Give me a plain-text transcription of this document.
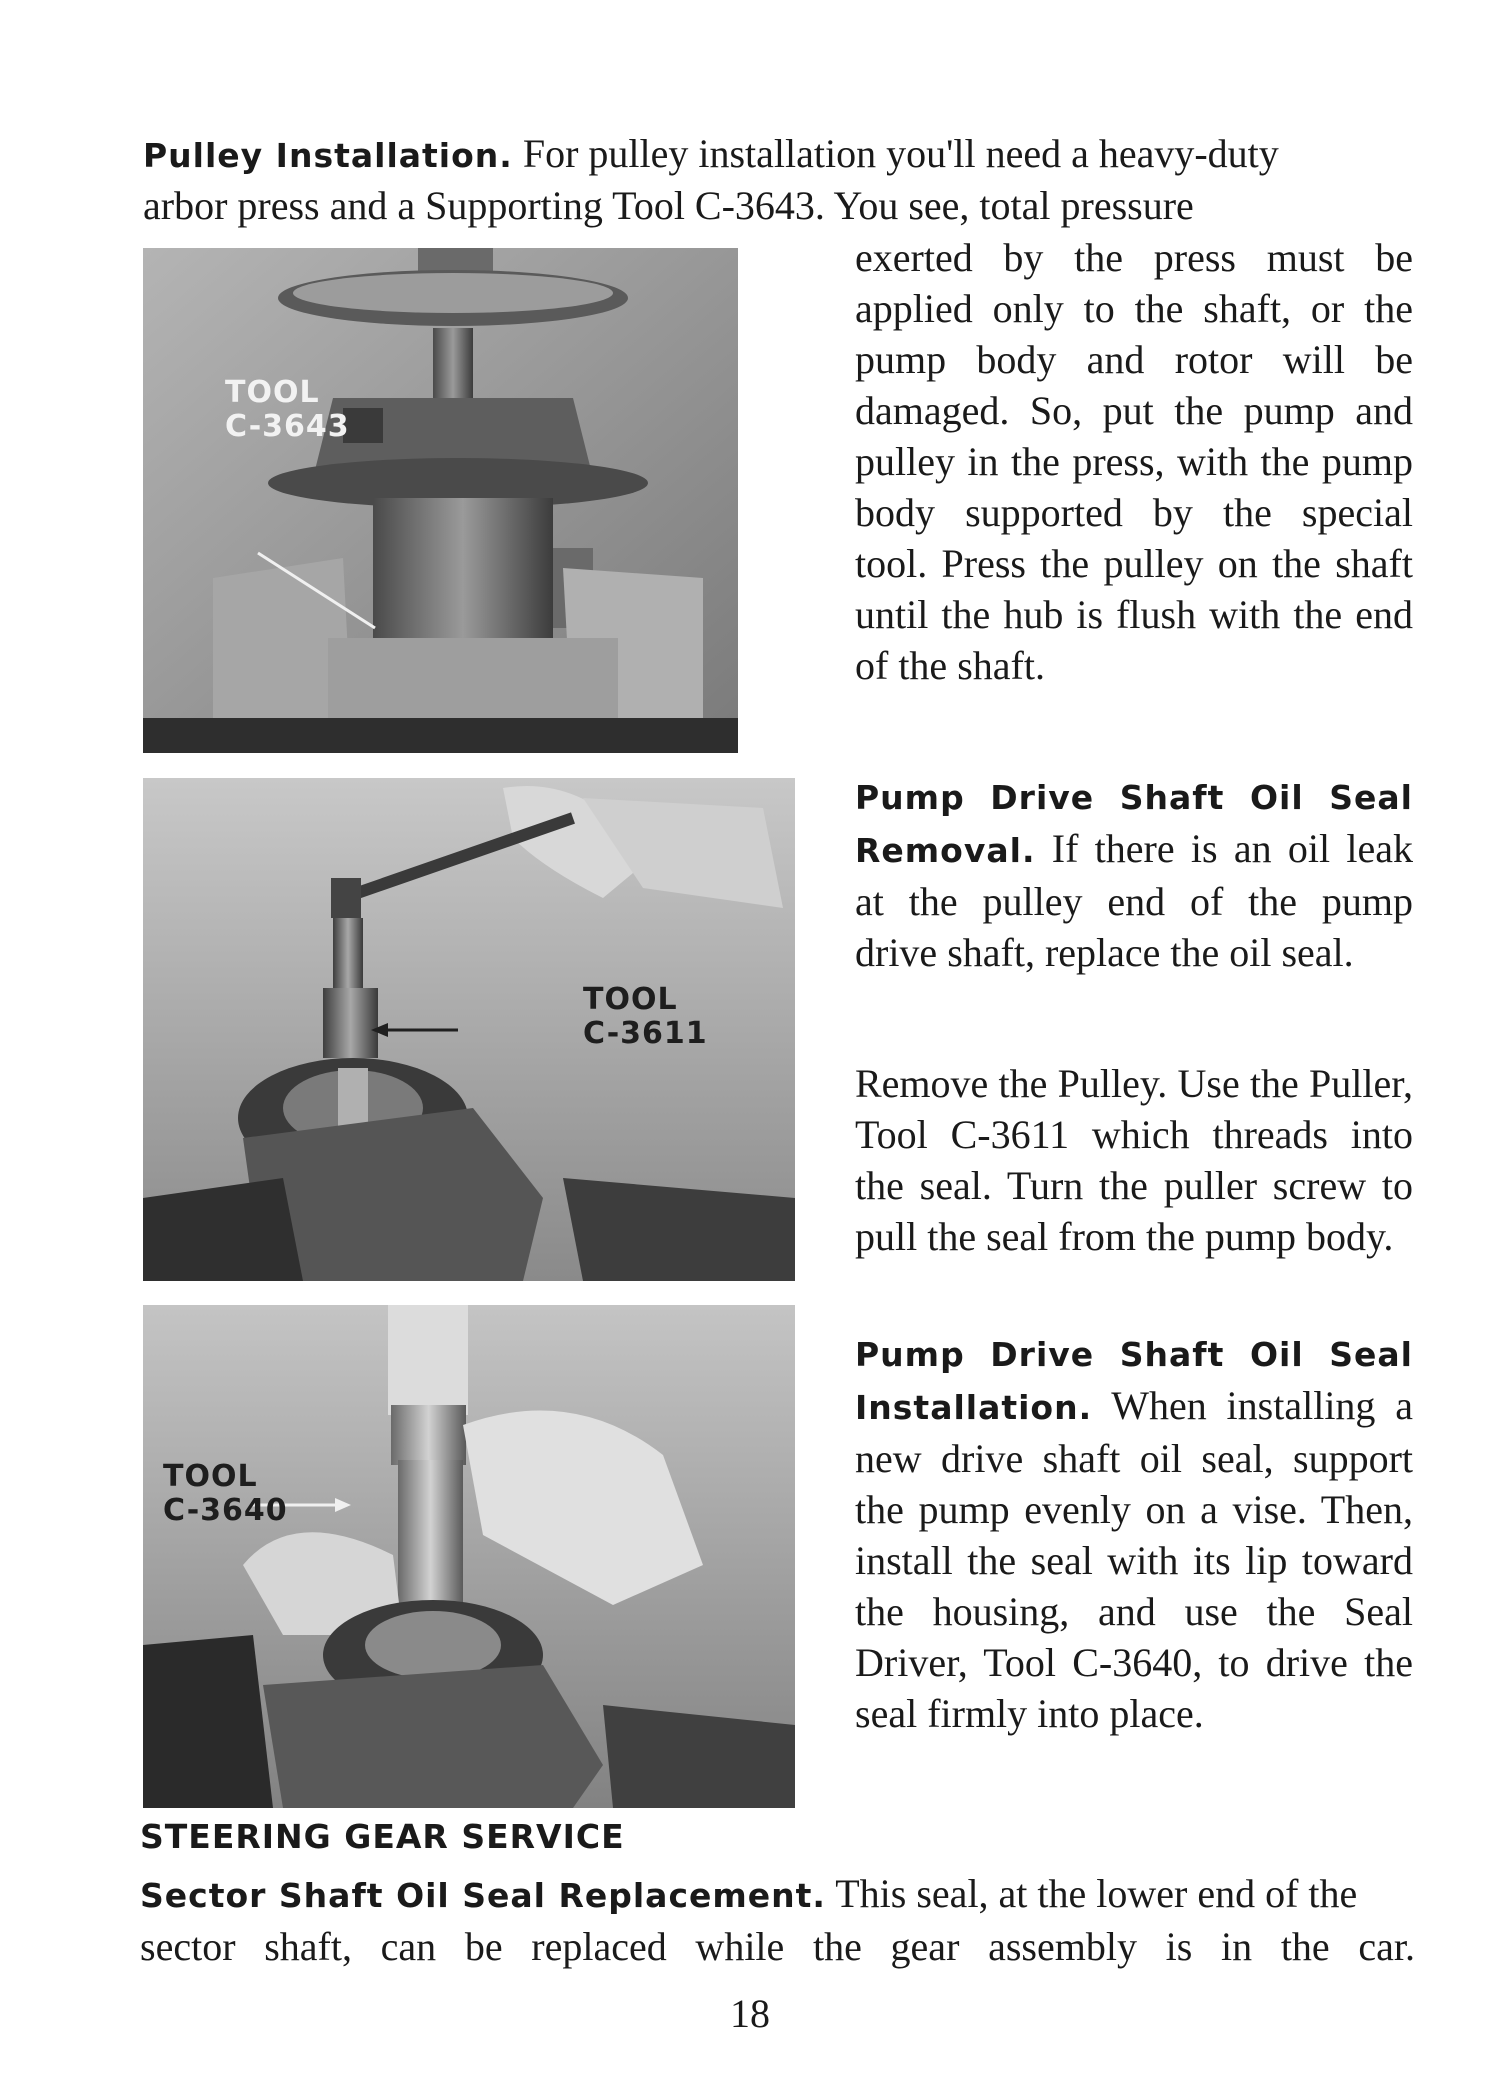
Pulley Installation. For pulley installation you'll need a heavy-duty
arbor press and a Supporting Tool C-3643. You see, total pressure
TOOL
C-3643
TOOL
C-3611
TOOL
C-3640

exerted by the press must be applied only to the shaft, or the pump body and rotor will be damaged. So, put the pump and pulley in the press, with the pump body supported by the special tool. Press the pulley on the shaft until the hub is flush with the end of the shaft.

Pump Drive Shaft Oil Seal Removal. If there is an oil leak at the pulley end of the pump drive shaft, replace the oil seal.

Remove the Pulley. Use the Puller, Tool C-3611 which threads into the seal. Turn the puller screw to pull the seal from the pump body.

Pump Drive Shaft Oil Seal Installation. When installing a new drive shaft oil seal, support the pump evenly on a vise. Then, install the seal with its lip toward the housing, and use the Seal Driver, Tool C-3640, to drive the seal firmly into place.

STEERING GEAR SERVICE
Sector Shaft Oil Seal Replacement. This seal, at the lower end of the
sector shaft, can be replaced while the gear assembly is in the car.
18
